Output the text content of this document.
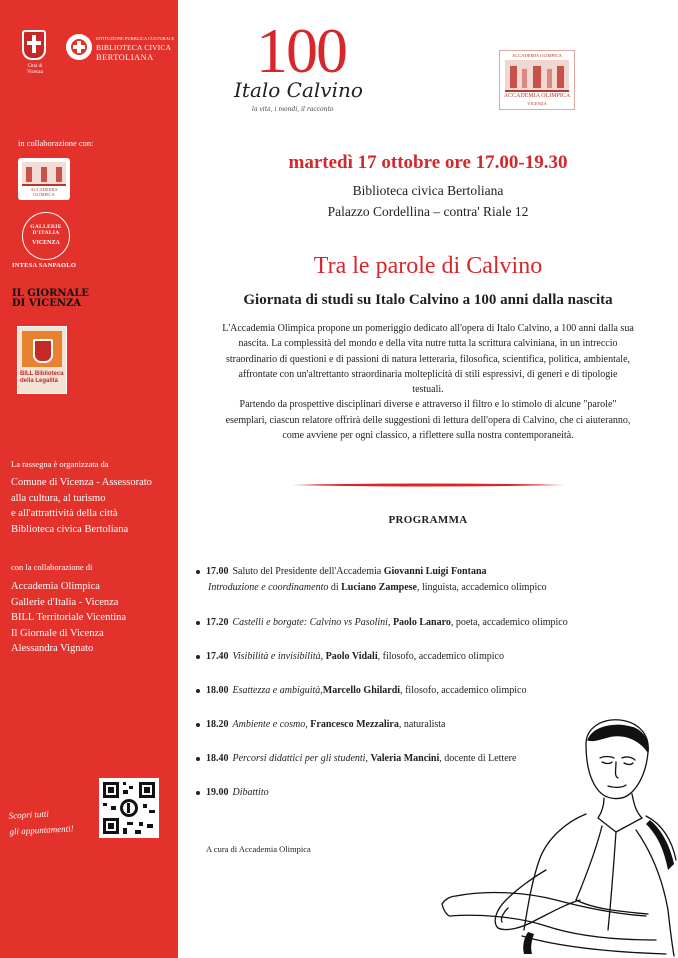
Città di Vicenza
ISTITUZIONE PUBBLICA CULTURALE
BIBLIOTECA CIVICA
BERTOLIANA
in collaborazione con:
ACCADEMIA OLIMPICA
GALLERIE D'ITALIA
VICENZA
INTESA SANPAOLO
IL GIORNALE
DI VICENZA
BILL Biblioteca
della Legalità
La rassegna è organizzata da
Comune di Vicenza - Assessorato
alla cultura, al turismo
e all'attrattività della città
Biblioteca civica Bertoliana
con la collaborazione di
Accademia Olimpica
Gallerie d'Italia - Vicenza
BILL Territoriale Vicentina
Il Giornale di Vicenza
Alessandra Vignato
Scopri tutti
gli appuntamenti!
100
Italo Calvino
la vita, i mondi, il racconto
ACCADEMIA OLIMPICA
ACCADEMIA OLIMPICA
VICENZA
martedì 17 ottobre ore 17.00-19.30
Biblioteca civica Bertoliana
Palazzo Cordellina – contra' Riale 12
Tra le parole di Calvino
Giornata di studi su Italo Calvino a 100 anni dalla nascita
L'Accademia Olimpica propone un pomeriggio dedicato all'opera di Italo Calvino, a 100 anni dalla sua
nascita. La complessità del mondo e della vita nutre tutta la scrittura calviniana, in un intreccio
straordinario di questioni e di passioni di natura letteraria, filosofica, scientifica, politica, ambientale,
affrontate con un'altrettanto straordinaria molteplicità di stili espressivi, di generi e di tipologie
testuali.
Partendo da prospettive disciplinari diverse e attraverso il filtro e lo stimolo di alcune "parole"
esemplari, ciascun relatore offrirà delle suggestioni di lettura dell'opera di Calvino, che ci aiuteranno,
come avviene per ogni classico, a riflettere sulla nostra contemporaneità.
PROGRAMMA
17.00 Saluto del Presidente dell'Accademia Giovanni Luigi Fontana
Introduzione e coordinamento di Luciano Zampese, linguista, accademico olimpico
17.20 Castelli e borgate: Calvino vs Pasolini, Paolo Lanaro, poeta, accademico olimpico
17.40 Visibilità e invisibilità, Paolo Vidali, filosofo, accademico olimpico
18.00 Esattezza e ambiguità,Marcello Ghilardi, filosofo, accademico olimpico
18.20 Ambiente e cosmo, Francesco Mezzalira, naturalista
18.40 Percorsi didattici per gli studenti, Valeria Mancini, docente di Lettere
19.00 Dibattito
A cura di Accademia Olimpica
